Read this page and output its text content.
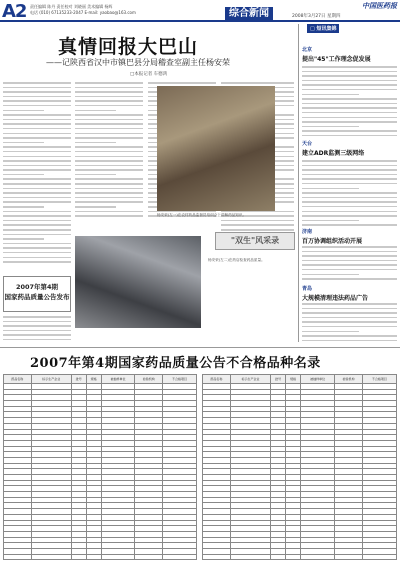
A2 责任编辑 陈丹 责任校对 刘晓丽 美术编辑 杨辉
电话 (010) 67135233-2047 E-mail: yaobao@163.com	综合新闻
中国医药报
2008年3月27日 星期四
真情回报大巴山
——记陕西省汉中市镇巴县分局稽查室副主任杨安荣
□本报记者 车德鸿
杨安荣(左一)在农村药品监督员培训会上讲解药品知识。
杨安荣(左二)在药店检查药品质量。
"双生"风采录
2007年第4期
国家药品质量公告发布
□ 短讯集锦
北京
提出"45"工作理念促发展
天台
建立ADR监测三级网络
济南
百万协调组织活动开展
青岛
大规模清理违法药品广告
2007年第4期国家药品质量公告不合格品种名录
药品名称	标示生产企业	批号	规格	被抽样单位	检验机构	不合格项目

							药品名称	标示生产企业	批号	规格	被抽样单位	检验机构	不合格项目
